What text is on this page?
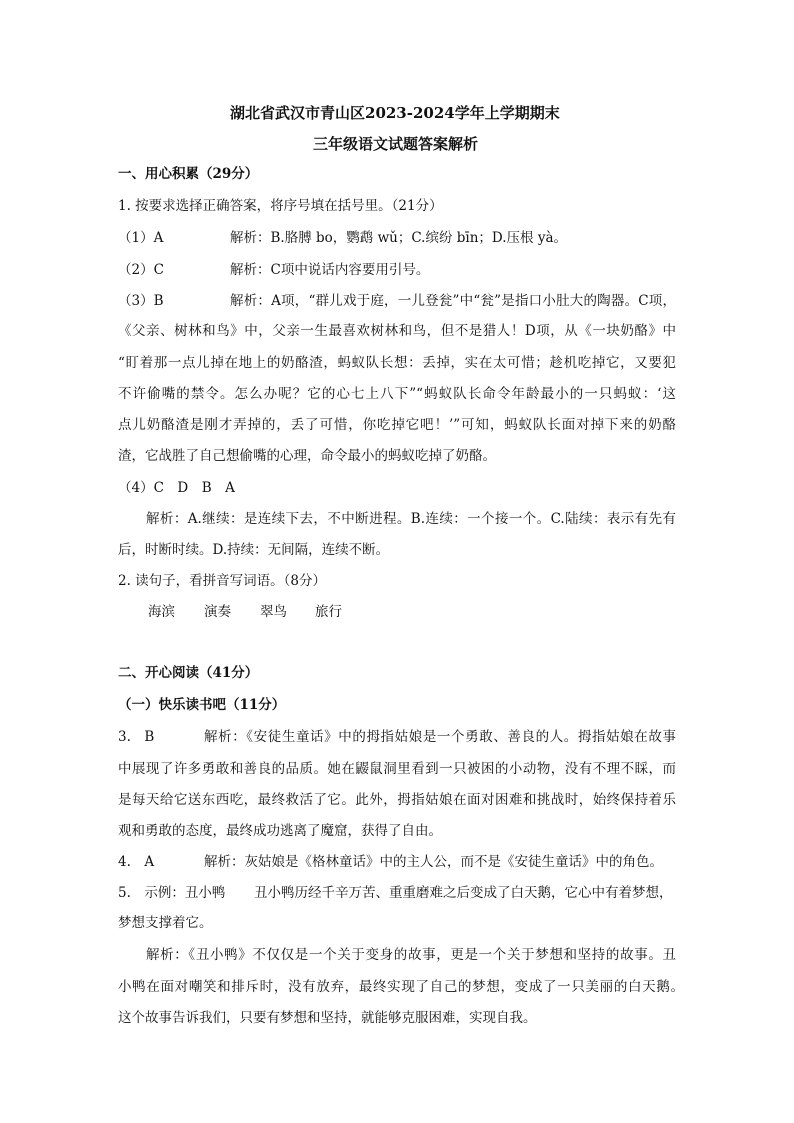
湖北省武汉市青山区2023-2024学年上学期期末
三年级语文试题答案解析
一、用心积累（29分）
1. 按要求选择正确答案，将序号填在括号里。（21分）
（1）A	解析：B.胳膊 bo，鹦鹉 wǔ；C.缤纷 bīn；D.压根 yà。
（2）C	解析：C项中说话内容要用引号。
（3）B	解析：A项，“群儿戏于庭，一儿登瓮”中“瓮”是指口小肚大的陶器。C项，
《父亲、树林和鸟》中，父亲一生最喜欢树林和鸟，但不是猎人！D项，从《一块奶酪》中
“盯着那一点儿掉在地上的奶酪渣，蚂蚁队长想：丢掉，实在太可惜；趁机吃掉它，又要犯
不许偷嘴的禁令。怎么办呢？它的心七上八下”“蚂蚁队长命令年龄最小的一只蚂蚁：‘这
点儿奶酪渣是刚才弄掉的，丢了可惜，你吃掉它吧！’”可知，蚂蚁队长面对掉下来的奶酪
渣，它战胜了自己想偷嘴的心理，命令最小的蚂蚁吃掉了奶酪。
（4）C　D　B　A
解析：A.继续：是连续下去，不中断进程。B.连续：一个接一个。C.陆续：表示有先有
后，时断时续。D.持续：无间隔，连续不断。
2. 读句子，看拼音写词语。（8分）
海滨 演奏 翠鸟 旅行
二、开心阅读（41分）
（一）快乐读书吧（11分）
3.　B	解析：《安徒生童话》中的拇指姑娘是一个勇敢、善良的人。拇指姑娘在故事
中展现了许多勇敢和善良的品质。她在鼹鼠洞里看到一只被困的小动物，没有不理不睬，而
是每天给它送东西吃，最终救活了它。此外，拇指姑娘在面对困难和挑战时，始终保持着乐
观和勇敢的态度，最终成功逃离了魔窟，获得了自由。
4.　A	解析：灰姑娘是《格林童话》中的主人公，而不是《安徒生童话》中的角色。
5.　示例：丑小鸭 丑小鸭历经千辛万苦、重重磨难之后变成了白天鹅，它心中有着梦想，
梦想支撑着它。
解析：《丑小鸭》不仅仅是一个关于变身的故事，更是一个关于梦想和坚持的故事。丑
小鸭在面对嘲笑和排斥时，没有放弃，最终实现了自己的梦想，变成了一只美丽的白天鹅。
这个故事告诉我们，只要有梦想和坚持，就能够克服困难，实现自我。
